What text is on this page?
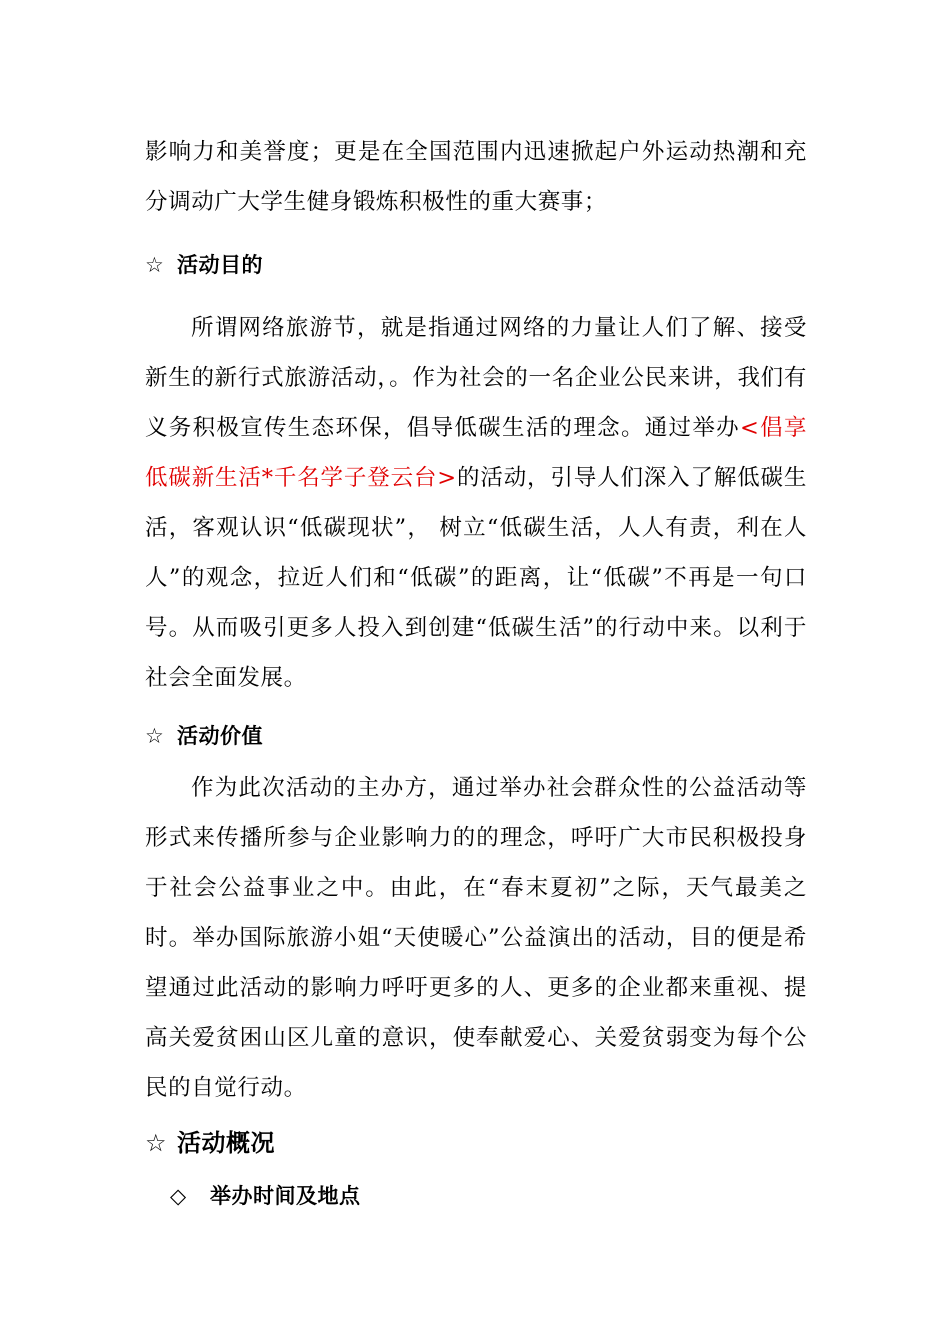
影响力和美誉度；更是在全国范围内迅速掀起户外运动热潮和充分调动广大学生健身锻炼积极性的重大赛事；

☆ 活动目的

所谓网络旅游节，就是指通过网络的力量让人们了解、接受新生的新行式旅游活动，。作为社会的一名企业公民来讲，我们有义务积极宣传生态环保，倡导低碳生活的理念。通过举办<倡享低碳新生活*千名学子登云台>的活动，引导人们深入了解低碳生活，客观认识“低碳现状”， 树立“低碳生活，人人有责，利在人人”的观念，拉近人们和“低碳”的距离，让“低碳”不再是一句口号。从而吸引更多人投入到创建“低碳生活”的行动中来。以利于社会全面发展。

☆ 活动价值

作为此次活动的主办方，通过举办社会群众性的公益活动等形式来传播所参与企业影响力的的理念，呼吁广大市民积极投身于社会公益事业之中。由此，在“春末夏初”之际，天气最美之时。举办国际旅游小姐“天使暖心”公益演出的活动，目的便是希望通过此活动的影响力呼吁更多的人、更多的企业都来重视、提高关爱贫困山区儿童的意识，使奉献爱心、关爱贫弱变为每个公民的自觉行动。

☆ 活动概况
◇ 举办时间及地点
